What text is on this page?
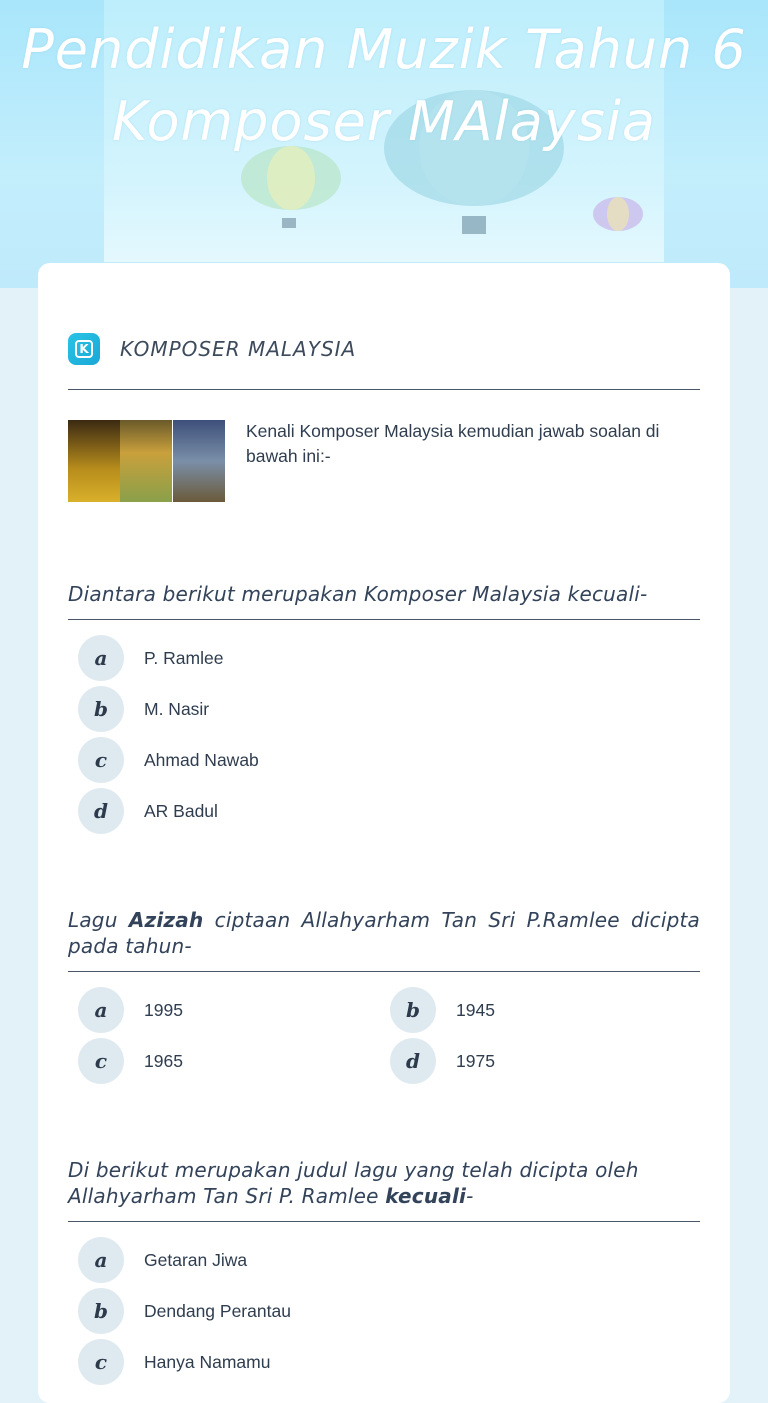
Pendidikan Muzik Tahun 6 Komposer MAlaysia
K KOMPOSER MALAYSIA
Kenali Komposer Malaysia kemudian jawab soalan di bawah ini:-
Diantara berikut merupakan Komposer Malaysia kecuali-
a	P. Ramlee
b	M. Nasir
c	Ahmad Nawab
d	AR Badul
Lagu Azizah ciptaan Allahyarham Tan Sri P.Ramlee dicipta pada tahun-
a	1995	b	1945
c	1965	d	1975
Di berikut merupakan judul lagu yang telah dicipta oleh Allahyarham Tan Sri P. Ramlee kecuali-
a	Getaran Jiwa
b	Dendang Perantau
c	Hanya Namamu
